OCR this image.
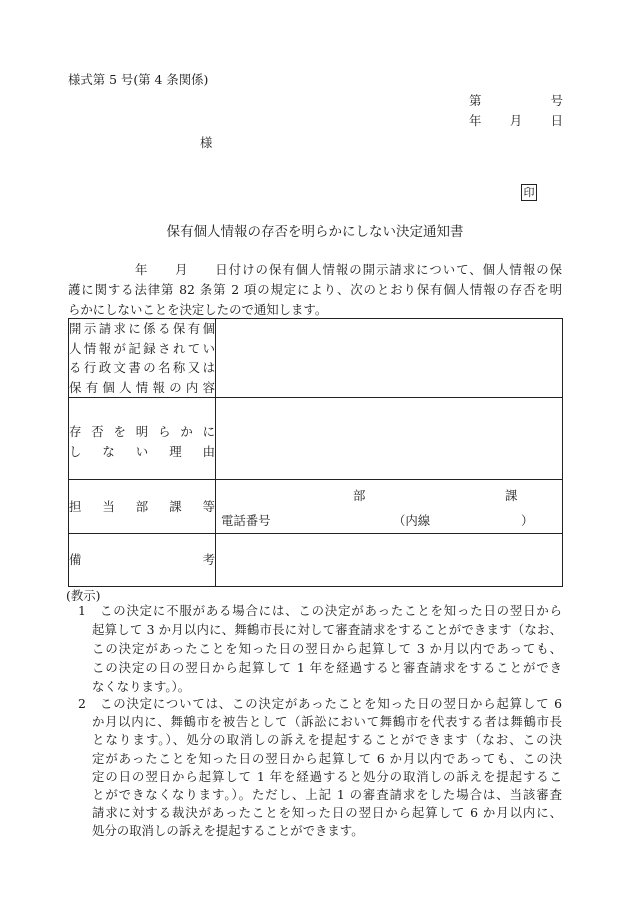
様式第 5 号(第 4 条関係)
第　　　　　号
年　　月　　日
様
印
保有個人情報の存否を明らかにしない決定通知書
　　　　　年　　月　　日付けの保有個人情報の開示請求について、個人情報の保
護に関する法律第 82 条第 2 項の規定により、次のとおり保有個人情報の存否を明
らかにしないことを決定したので通知します。
開示請求に係る保有個
人情報が記録されてい
る行政文書の名称又は
保有個人情報の内容	

存否を明らかに
しない理由	

担当部課等	部 課
電話番号 （内線 ）

備考	

(教示)
1	この決定に不服がある場合には、この決定があったことを知った日の翌日から
起算して 3 か月以内に、舞鶴市長に対して審査請求をすることができます（なお、
この決定があったことを知った日の翌日から起算して 3 か月以内であっても、
この決定の日の翌日から起算して 1 年を経過すると審査請求をすることができ
なくなります。）。
2	この決定については、この決定があったことを知った日の翌日から起算して 6
か月以内に、舞鶴市を被告として（訴訟において舞鶴市を代表する者は舞鶴市長
となります。）、処分の取消しの訴えを提起することができます（なお、この決
定があったことを知った日の翌日から起算して 6 か月以内であっても、この決
定の日の翌日から起算して 1 年を経過すると処分の取消しの訴えを提起するこ
とができなくなります。）。ただし、上記 1 の審査請求をした場合は、当該審査
請求に対する裁決があったことを知った日の翌日から起算して 6 か月以内に、
処分の取消しの訴えを提起することができます。
